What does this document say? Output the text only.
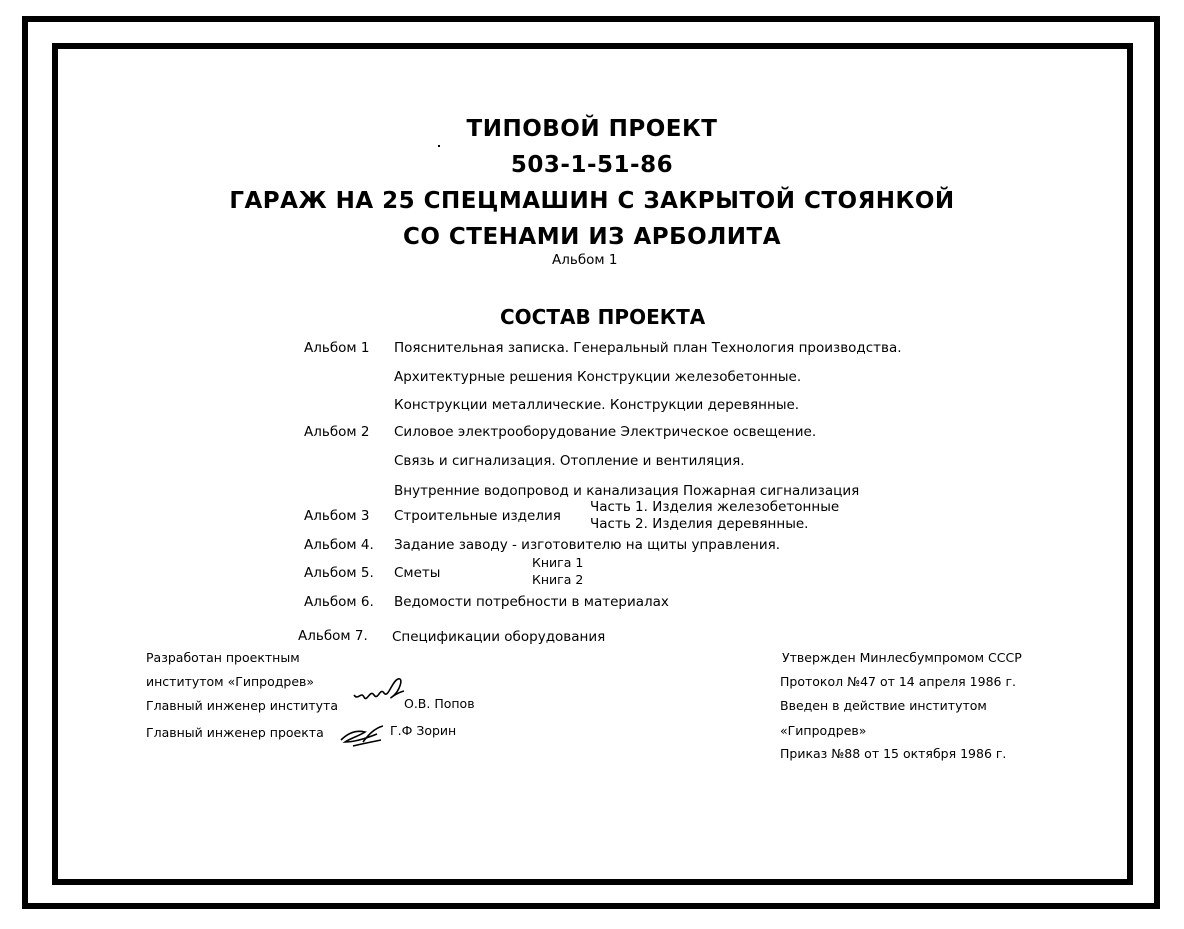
ТИПОВОЙ ПРОЕКТ
503-1-51-86
ГАРАЖ НА 25 СПЕЦМАШИН С ЗАКРЫТОЙ СТОЯНКОЙ
СО СТЕНАМИ ИЗ АРБОЛИТА
Альбом 1
СОСТАВ ПРОЕКТА
Альбом 1 Пояснительная записка. Генеральный план Технология производства.
Архитектурные решения Конструкции железобетонные.
Конструкции металлические. Конструкции деревянные.
Альбом 2 Силовое электрооборудование Электрическое освещение.
Связь и сигнализация. Отопление и вентиляция.
Внутренние водопровод и канализация Пожарная сигнализация
Альбом 3 Строительные изделия
Часть 1. Изделия железобетонные
Часть 2. Изделия деревянные.
Альбом 4. Задание заводу - изготовителю на щиты управления.
Альбом 5. Сметы
Книга 1
Книга 2
Альбом 6. Ведомости потребности в материалах
Альбом 7. Спецификации оборудования
Разработан проектным
институтом «Гипродрев»
Главный инженер института	О.В. Попов
Главный инженер проекта	Г.Ф Зорин
Утвержден Минлесбумпромом СССР
Протокол №47 от 14 апреля 1986 г.
Введен в действие институтом
«Гипродрев»
Приказ №88 от 15 октября 1986 г.
